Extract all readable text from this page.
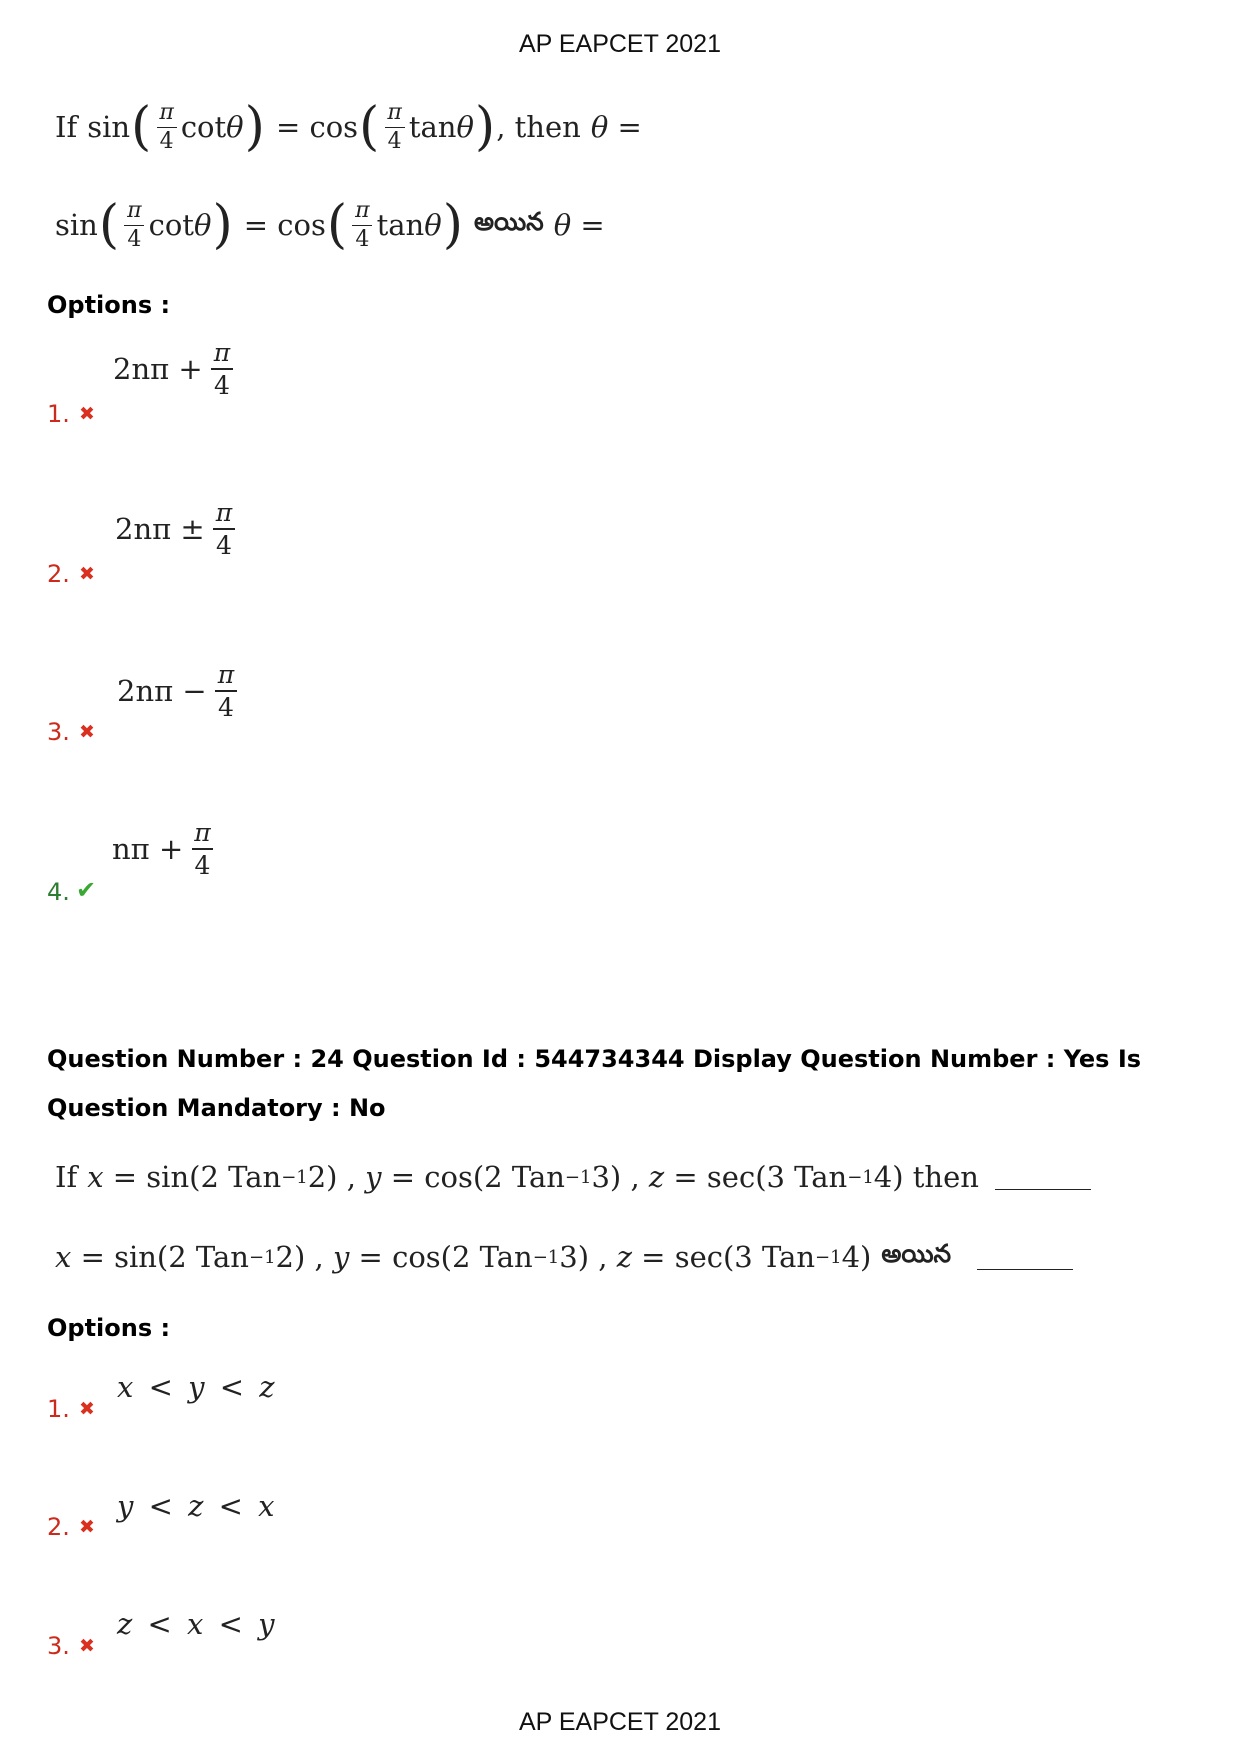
AP EAPCET 2021
If sin ( $\frac{\pi}{4}$ cot θ ) = cos ( $\frac{\pi}{4}$ tan θ ) , then θ =
sin ( $\frac{\pi}{4}$ cot θ ) = cos ( $\frac{\pi}{4}$ tan θ ) అయిన θ =
Options :
$2n\pi + \frac{\pi}{4}$
1. ✖
$2n\pi \pm \frac{\pi}{4}$
2. ✖
$2n\pi - \frac{\pi}{4}$
3. ✖
$n\pi + \frac{\pi}{4}$
4. ✔
Question Number : 24 Question Id : 544734344 Display Question Number : Yes Is Question Mandatory : No
If x = sin(2 Tan −1 2) , y = cos(2 Tan −1 3) , z = sec(3 Tan −1 4) then
x = sin(2 Tan −1 2) , y = cos(2 Tan −1 3) , z = sec(3 Tan −1 4) అయిన
Options :
x < y < z
1. ✖
y < z < x
2. ✖
z < x < y
3. ✖
AP EAPCET 2021
